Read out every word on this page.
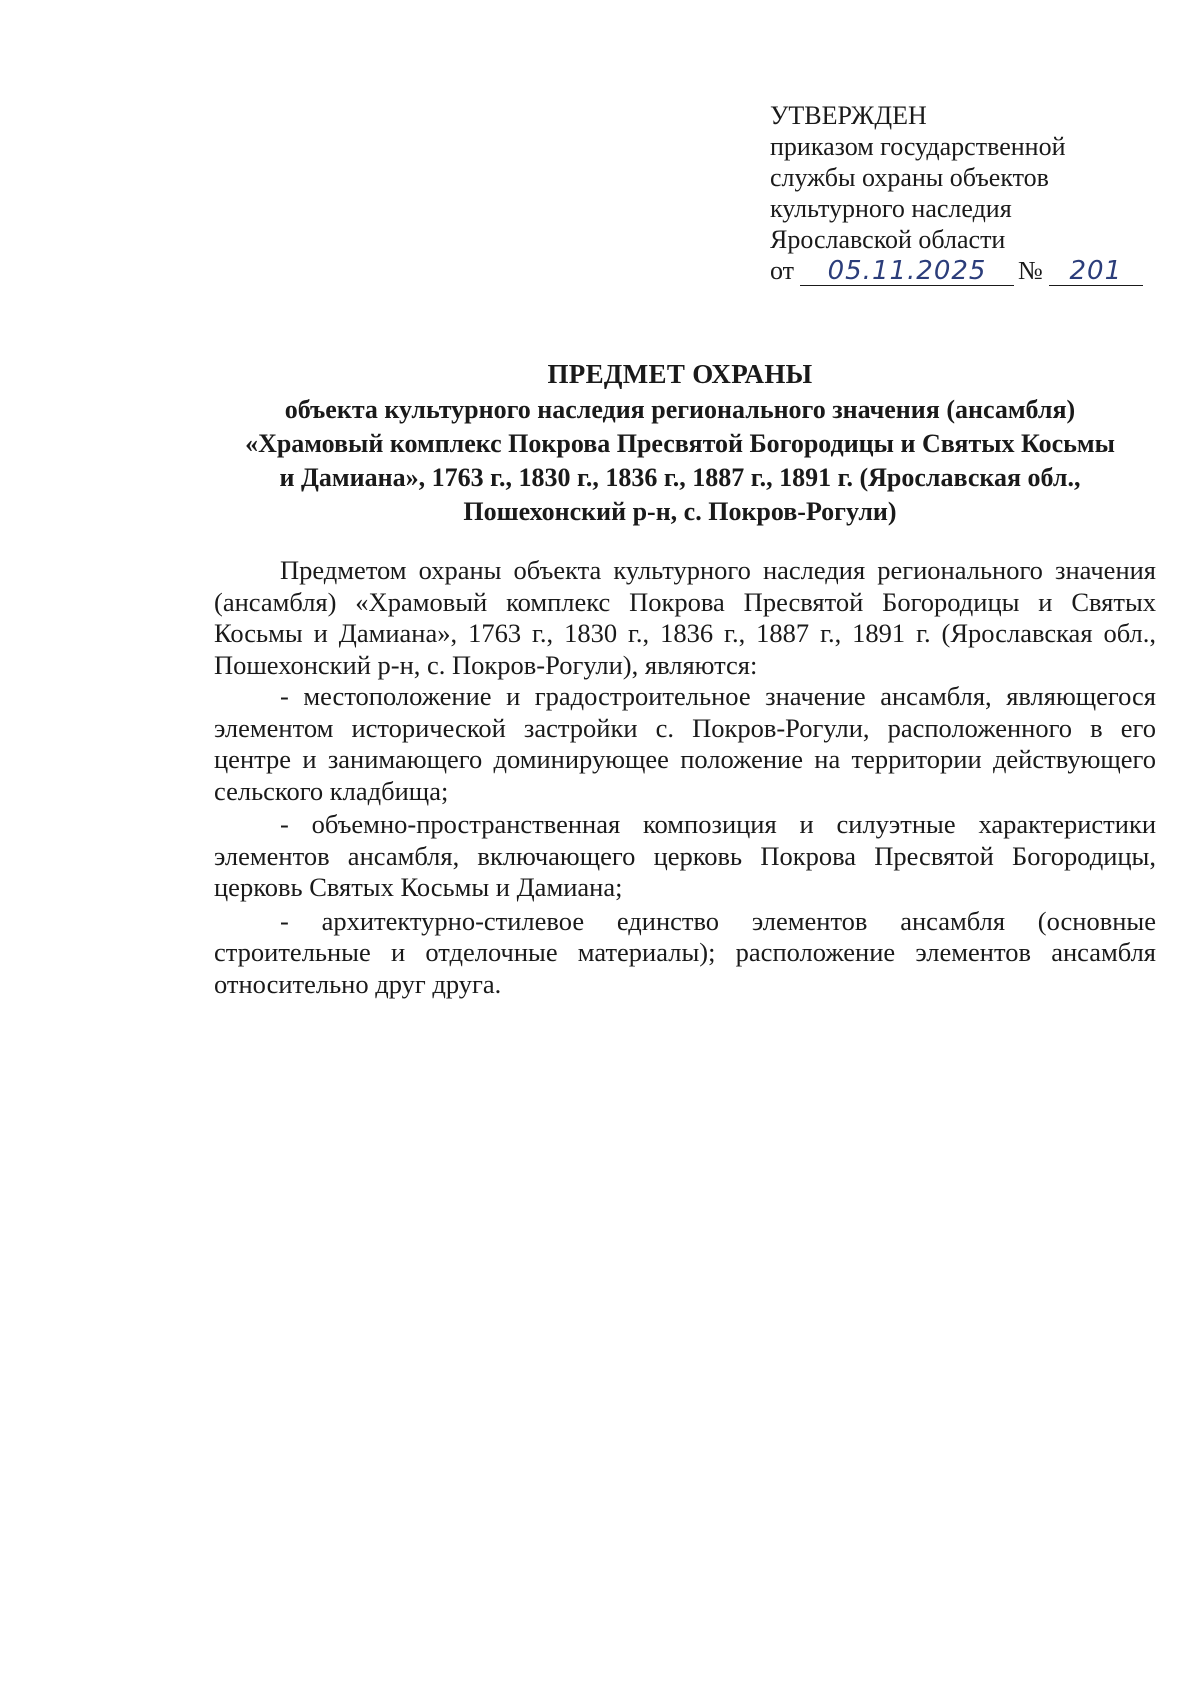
УТВЕРЖДЕН
приказом государственной
службы охраны объектов
культурного наследия
Ярославской области
от	05.11.2025	№	201
ПРЕДМЕТ ОХРАНЫ
объекта культурного наследия регионального значения (ансамбля)
«Храмовый комплекс Покрова Пресвятой Богородицы и Святых Косьмы
и Дамиана», 1763 г., 1830 г., 1836 г., 1887 г., 1891 г. (Ярославская обл.,
Пошехонский р-н, с. Покров-Рогули)

Предметом охраны объекта культурного наследия регионального значения (ансамбля) «Храмовый комплекс Покрова Пресвятой Богородицы и Святых Косьмы и Дамиана», 1763 г., 1830 г., 1836 г., 1887 г., 1891 г. (Ярославская обл., Пошехонский р-н, с. Покров-Рогули), являются:

- местоположение и градостроительное значение ансамбля, являющегося элементом исторической застройки с. Покров-Рогули, расположенного в его центре и занимающего доминирующее положение на территории действующего сельского кладбища;
- объемно-пространственная композиция и силуэтные характеристики элементов ансамбля, включающего церковь Покрова Пресвятой Богородицы, церковь Святых Косьмы и Дамиана;
- архитектурно-стилевое единство элементов ансамбля (основные строительные и отделочные материалы); расположение элементов ансамбля относительно друг друга.
